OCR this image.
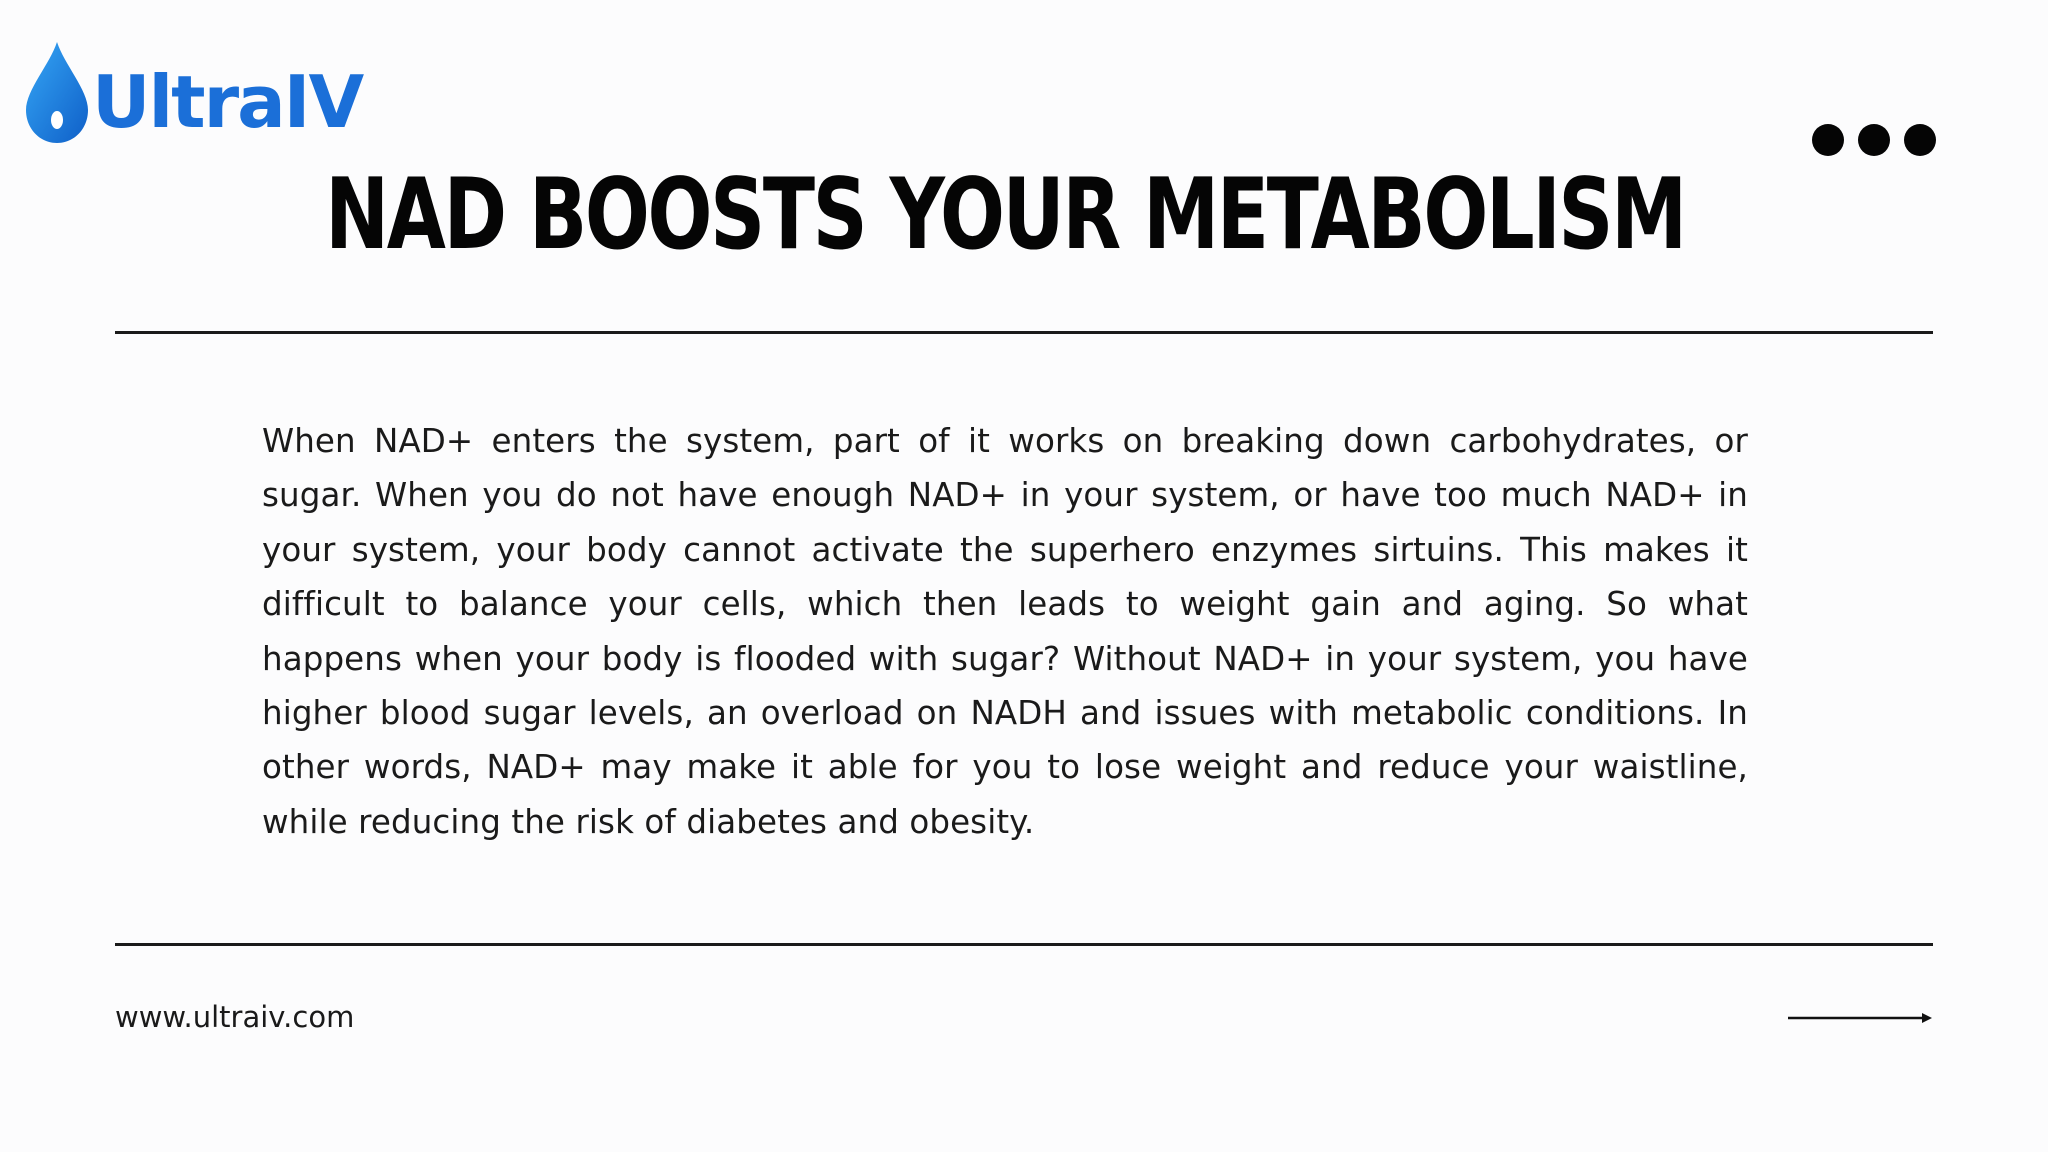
UltraIV
NAD BOOSTS YOUR METABOLISM
When NAD+ enters the system, part of it works on breaking down carbohydrates, or sugar. When you do not have enough NAD+ in your system, or have too much NAD+ in your system, your body cannot activate the superhero enzymes sirtuins. This makes it difficult to balance your cells, which then leads to weight gain and aging. So what happens when your body is flooded with sugar? Without NAD+ in your system, you have higher blood sugar levels, an overload on NADH and issues with metabolic conditions. In other words, NAD+ may make it able for you to lose weight and reduce your waistline, while reducing the risk of diabetes and obesity.
www.ultraiv.com
